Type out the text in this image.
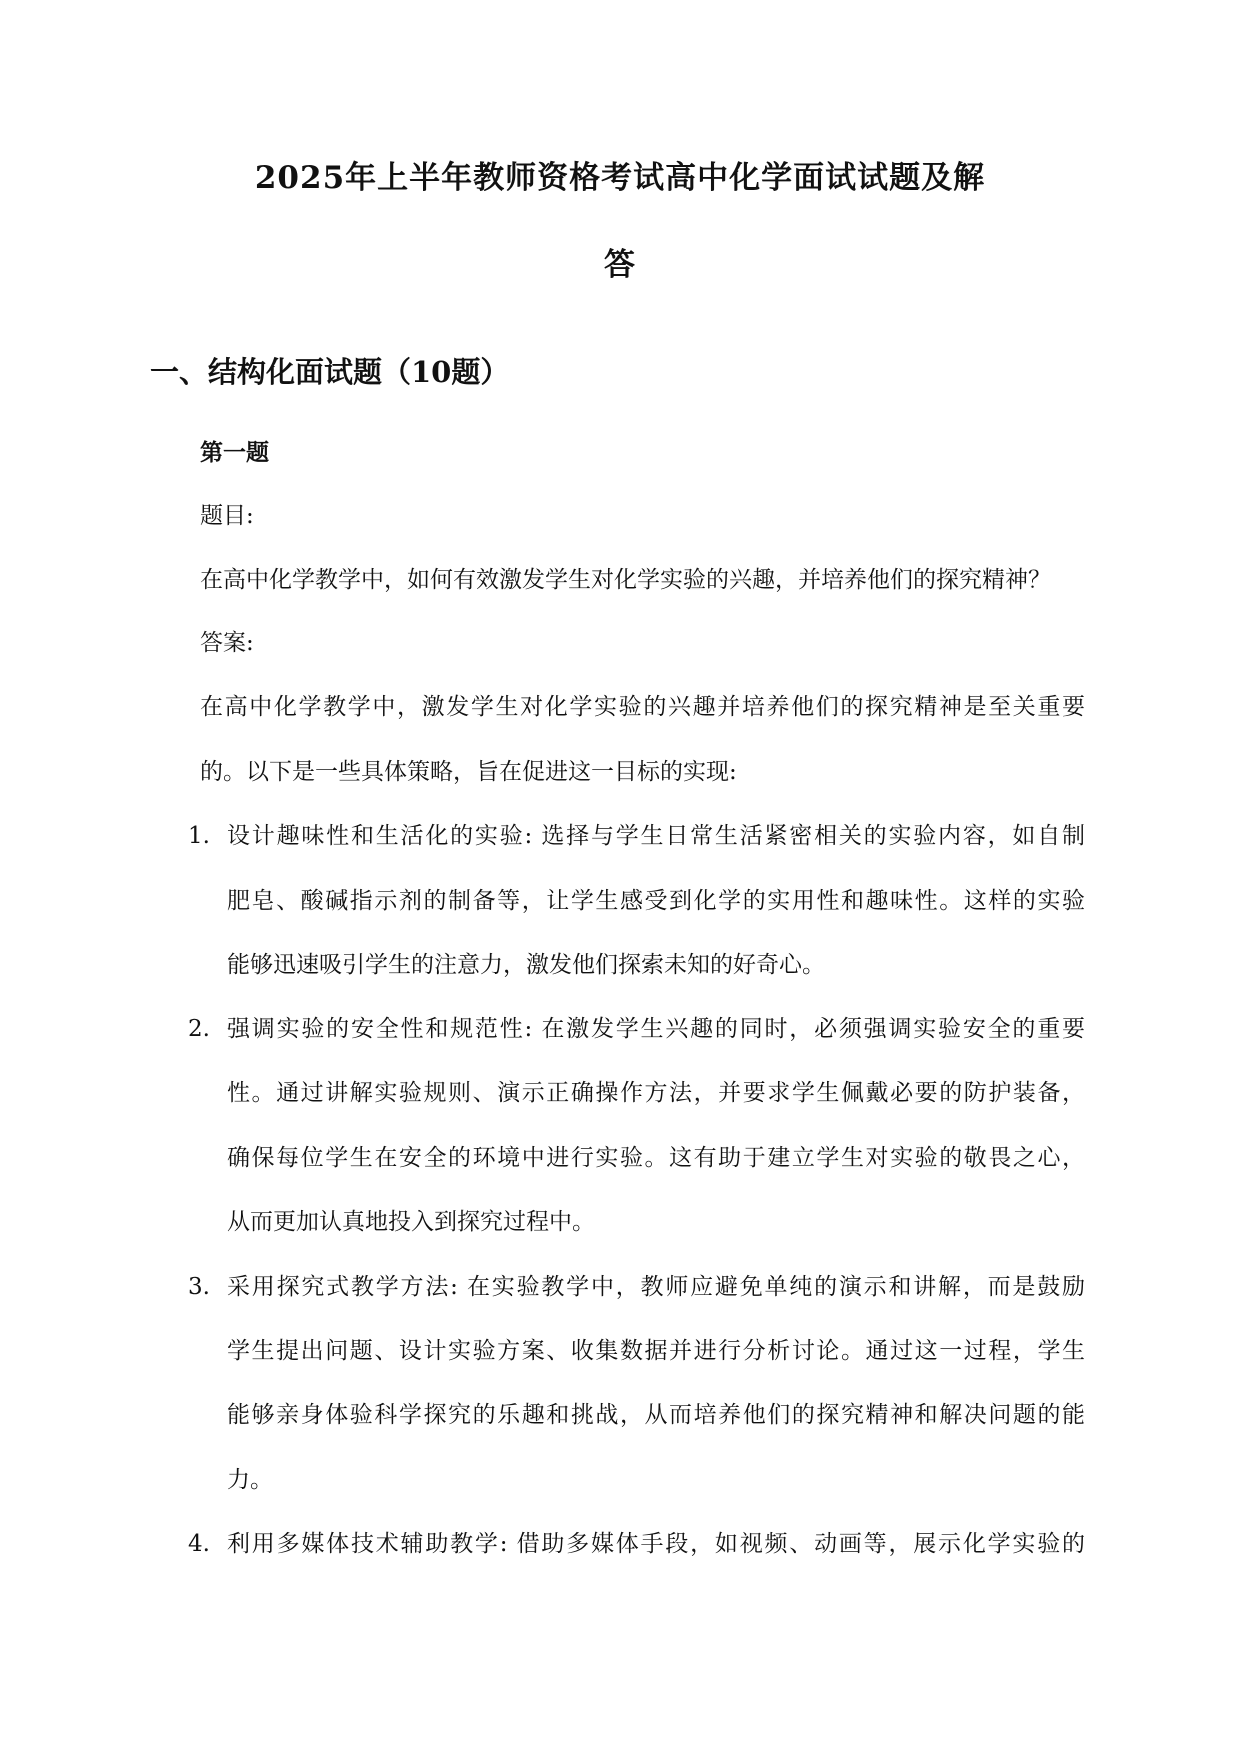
2025年上半年教师资格考试高中化学面试试题及解
答
一、结构化面试题（10题）
第一题

题目:

在高中化学教学中，如何有效激发学生对化学实验的兴趣，并培养他们的探究精神？

答案:

在高中化学教学中，激发学生对化学实验的兴趣并培养他们的探究精神是至关重要

的。以下是一些具体策略，旨在促进这一目标的实现:

1. 设计趣味性和生活化的实验: 选择与学生日常生活紧密相关的实验内容，如自制

肥皂、酸碱指示剂的制备等，让学生感受到化学的实用性和趣味性。这样的实验

能够迅速吸引学生的注意力，激发他们探索未知的好奇心。

2. 强调实验的安全性和规范性: 在激发学生兴趣的同时，必须强调实验安全的重要

性。通过讲解实验规则、演示正确操作方法，并要求学生佩戴必要的防护装备，

确保每位学生在安全的环境中进行实验。这有助于建立学生对实验的敬畏之心，

从而更加认真地投入到探究过程中。

3. 采用探究式教学方法: 在实验教学中，教师应避免单纯的演示和讲解，而是鼓励

学生提出问题、设计实验方案、收集数据并进行分析讨论。通过这一过程，学生

能够亲身体验科学探究的乐趣和挑战，从而培养他们的探究精神和解决问题的能

力。

4. 利用多媒体技术辅助教学: 借助多媒体手段，如视频、动画等，展示化学实验的
